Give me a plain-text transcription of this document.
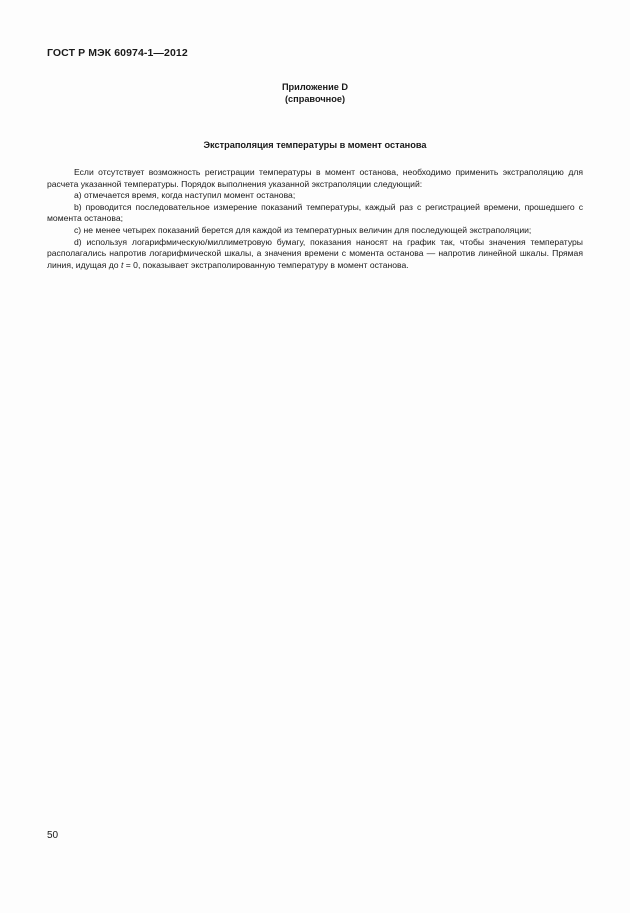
ГОСТ Р МЭК 60974-1—2012
Приложение D
(справочное)
Экстраполяция температуры в момент останова

Если отсутствует возможность регистрации температуры в момент останова, необходимо применить экстраполяцию для расчета указанной температуры. Порядок выполнения указанной экстраполяции следующий:

a) отмечается время, когда наступил момент останова;

b) проводится последовательное измерение показаний температуры, каждый раз с регистрацией времени, прошедшего с момента останова;

c) не менее четырех показаний берется для каждой из температурных величин для последующей экстраполяции;

d) используя логарифмическую/миллиметровую бумагу, показания наносят на график так, чтобы значения температуры располагались напротив логарифмической шкалы, а значения времени с момента останова — напротив линейной шкалы. Прямая линия, идущая до t = 0, показывает экстраполированную температуру в момент останова.

50
